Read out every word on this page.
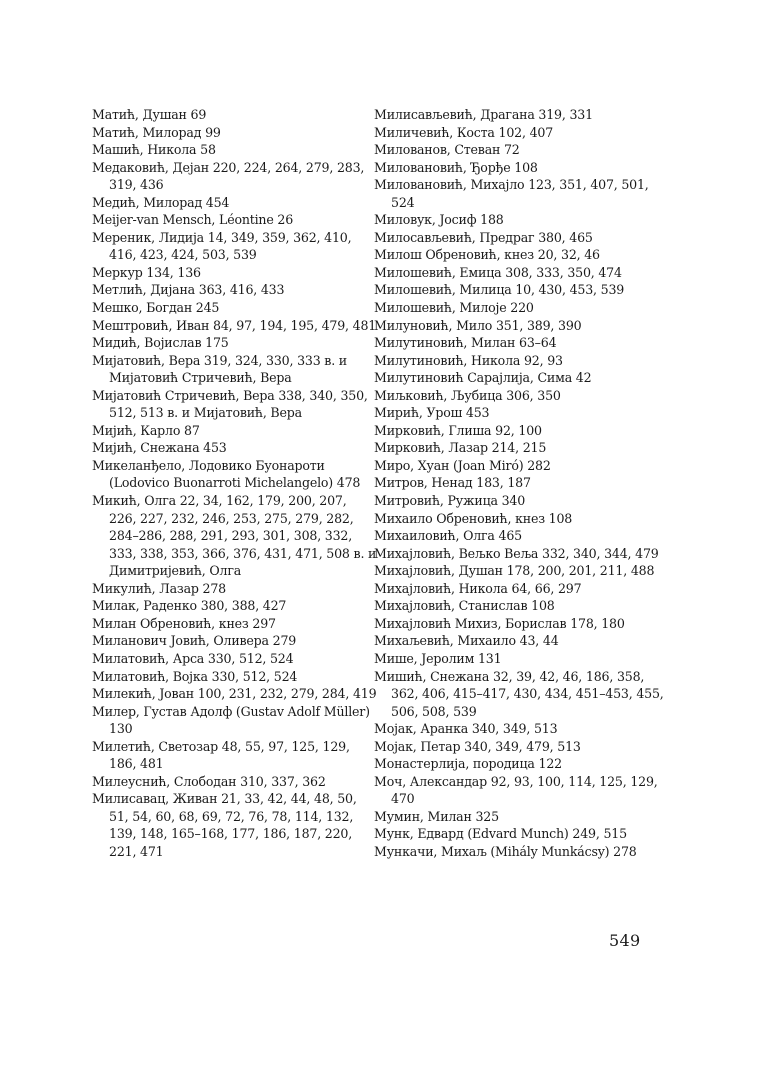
Матић, Душан 69
Матић, Милорад 99
Машић, Никола 58
Медаковић, Дејан 220, 224, 264, 279, 283, 319, 436
Медић, Милорад 454
Meijer-van Mensch, Léontine 26
Мереник, Лидија 14, 349, 359, 362, 410, 416, 423, 424, 503, 539
Меркур 134, 136
Метлић, Дијана 363, 416, 433
Мешко, Богдан 245
Мештровић, Иван 84, 97, 194, 195, 479, 481
Мидић, Војислав 175
Мијатовић, Вера 319, 324, 330, 333 в. и Мијатовић Стричевић, Вера
Мијатовић Стричевић, Вера 338, 340, 350, 512, 513 в. и Мијатовић, Вера
Мијић, Карло 87
Мијић, Снежана 453
Микеланђело, Лодовико Буонароти (Lodovico Buonarroti Michelangelo) 478
Микић, Олга 22, 34, 162, 179, 200, 207, 226, 227, 232, 246, 253, 275, 279, 282, 284–286, 288, 291, 293, 301, 308, 332, 333, 338, 353, 366, 376, 431, 471, 508 в. и Димитријевић, Олга
Микулић, Лазар 278
Милак, Раденко 380, 388, 427
Милан Обреновић, кнез 297
Миланович Јовић, Оливера 279
Милатовић, Арса 330, 512, 524
Милатовић, Војка 330, 512, 524
Милекић, Јован 100, 231, 232, 279, 284, 419
Милер, Густав Адолф (Gustav Adolf Müller) 130
Милетић, Светозар 48, 55, 97, 125, 129, 186, 481
Милеуснић, Слободан 310, 337, 362
Милисавац, Живан 21, 33, 42, 44, 48, 50, 51, 54, 60, 68, 69, 72, 76, 78, 114, 132, 139, 148, 165–168, 177, 186, 187, 220, 221, 471
Милисављевић, Драгана 319, 331
Миличевић, Коста 102, 407
Милованов, Стеван 72
Миловановић, Ђорђе 108
Миловановић, Михајло 123, 351, 407, 501, 524
Миловук, Јосиф 188
Милосављевић, Предраг 380, 465
Милош Обреновић, кнез 20, 32, 46
Милошевић, Емица 308, 333, 350, 474
Милошевић, Милица 10, 430, 453, 539
Милошевић, Милоје 220
Милуновић, Мило 351, 389, 390
Милутиновић, Милан 63–64
Милутиновић, Никола 92, 93
Милутиновић Сарајлија, Сима 42
Миљковић, Љубица 306, 350
Мирић, Урош 453
Мирковић, Глиша 92, 100
Мирковић, Лазар 214, 215
Миро, Хуан (Joan Miró) 282
Митров, Ненад 183, 187
Митровић, Ружица 340
Михаило Обреновић, кнез 108
Михаиловић, Олга 465
Михајловић, Вељко Веља 332, 340, 344, 479
Михајловић, Душан 178, 200, 201, 211, 488
Михајловић, Никола 64, 66, 297
Михајловић, Станислав 108
Михајловић Михиз, Борислав 178, 180
Михаљевић, Михаило 43, 44
Мише, Јеролим 131
Мишић, Снежана 32, 39, 42, 46, 186, 358, 362, 406, 415–417, 430, 434, 451–453, 455, 506, 508, 539
Мојак, Аранка 340, 349, 513
Мојак, Петар 340, 349, 479, 513
Монастерлија, породица 122
Моч, Александар 92, 93, 100, 114, 125, 129, 470
Мумин, Милан 325
Мунк, Едвард (Edvard Munch) 249, 515
Мункачи, Михаљ (Mihály Munkácsy) 278
549
